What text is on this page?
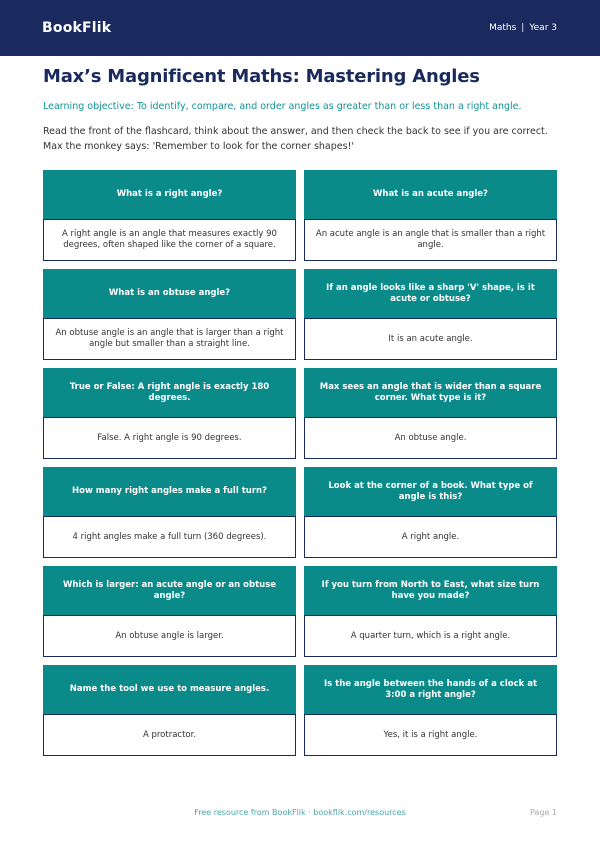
BookFlik	Maths | Year 3
Max’s Magnificent Maths: Mastering Angles

Learning objective: To identify, compare, and order angles as greater than or less than a right angle.

Read the front of the flashcard, think about the answer, and then check the back to see if you are correct. Max the monkey says: 'Remember to look for the corner shapes!'

What is a right angle?
A right angle is an angle that measures exactly 90 degrees, often shaped like the corner of a square.
What is an acute angle?
An acute angle is an angle that is smaller than a right angle.
What is an obtuse angle?
An obtuse angle is an angle that is larger than a right angle but smaller than a straight line.
If an angle looks like a sharp 'V' shape, is it acute or obtuse?
It is an acute angle.
True or False: A right angle is exactly 180 degrees.
False. A right angle is 90 degrees.
Max sees an angle that is wider than a square corner. What type is it?
An obtuse angle.
How many right angles make a full turn?
4 right angles make a full turn (360 degrees).
Look at the corner of a book. What type of angle is this?
A right angle.
Which is larger: an acute angle or an obtuse angle?
An obtuse angle is larger.
If you turn from North to East, what size turn have you made?
A quarter turn, which is a right angle.
Name the tool we use to measure angles.
A protractor.
Is the angle between the hands of a clock at 3:00 a right angle?
Yes, it is a right angle.
Free resource from BookFlik · bookflik.com/resources	Page 1
